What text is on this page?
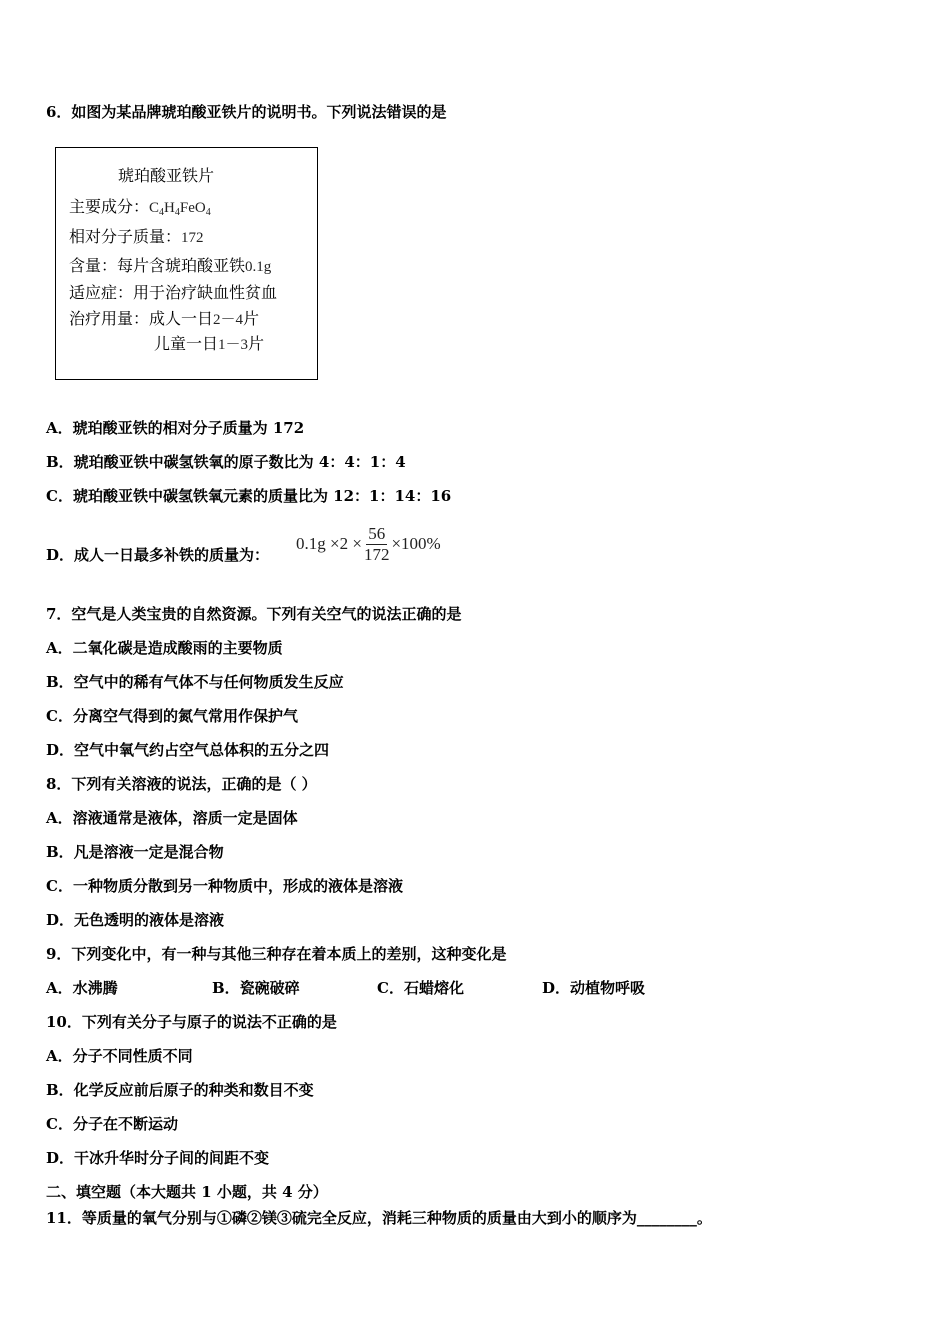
6．如图为某品牌琥珀酸亚铁片的说明书。下列说法错误的是
琥珀酸亚铁片
主要成分：$C_4H_4FeO_4$
相对分子质量：172
含量：每片含琥珀酸亚铁0.1g
适应症：用于治疗缺血性贫血
治疗用量：成人一日2－4片
儿童一日1－3片
A．琥珀酸亚铁的相对分子质量为 172
B．琥珀酸亚铁中碳氢铁氧的原子数比为 4：4：1：4
C．琥珀酸亚铁中碳氢铁氧元素的质量比为 12：1：14：16
D．成人一日最多补铁的质量为：
$0.1g \times 2 \times \frac{56}{172} \times 100\%$
7．空气是人类宝贵的自然资源。下列有关空气的说法正确的是
A．二氧化碳是造成酸雨的主要物质
B．空气中的稀有气体不与任何物质发生反应
C．分离空气得到的氮气常用作保护气
D．空气中氧气约占空气总体积的五分之四
8．下列有关溶液的说法，正确的是（ ）
A．溶液通常是液体，溶质一定是固体
B．凡是溶液一定是混合物
C．一种物质分散到另一种物质中，形成的液体是溶液
D．无色透明的液体是溶液
9．下列变化中，有一种与其他三种存在着本质上的差别，这种变化是
A．水沸腾	B．瓷碗破碎	C．石蜡熔化	D．动植物呼吸
10．下列有关分子与原子的说法不正确的是
A．分子不同性质不同
B．化学反应前后原子的种类和数目不变
C．分子在不断运动
D．干冰升华时分子间的间距不变
二、填空题（本大题共 1 小题，共 4 分）
11．等质量的氧气分别与①磷②镁③硫完全反应，消耗三种物质的质量由大到小的顺序为________。
